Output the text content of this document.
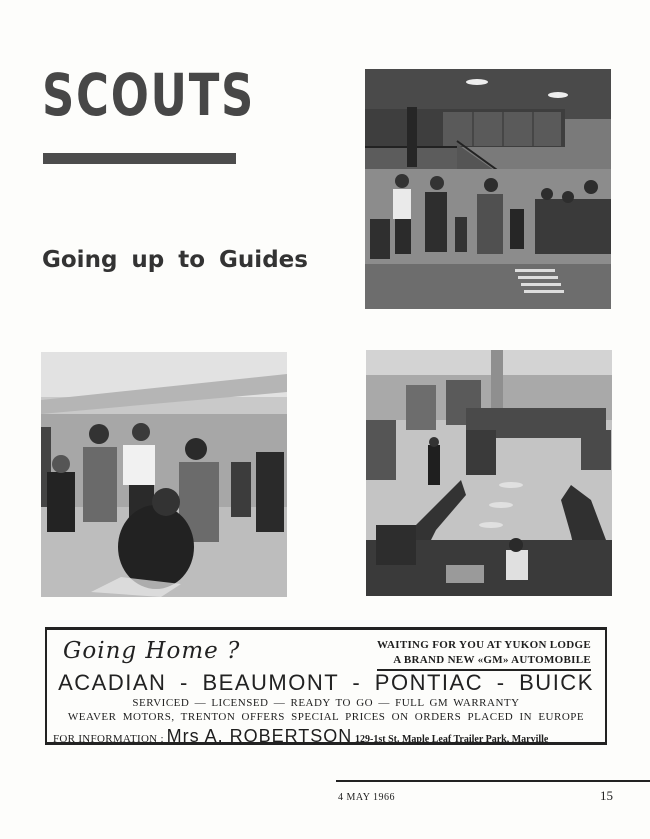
SCOUTS
Going up to Guides
Going Home ?	WAITING FOR YOU AT YUKON LODGE
A BRAND NEW «GM» AUTOMOBILE
ACADIAN - BEAUMONT - PONTIAC - BUICK
SERVICED — LICENSED — READY TO GO — FULL GM WARRANTY
WEAVER MOTORS, TRENTON OFFERS SPECIAL PRICES ON ORDERS PLACED IN EUROPE
FOR INFORMATION : Mrs A. ROBERTSON 129-1st St. Maple Leaf Trailer Park, Marville
4 MAY 1966	15
